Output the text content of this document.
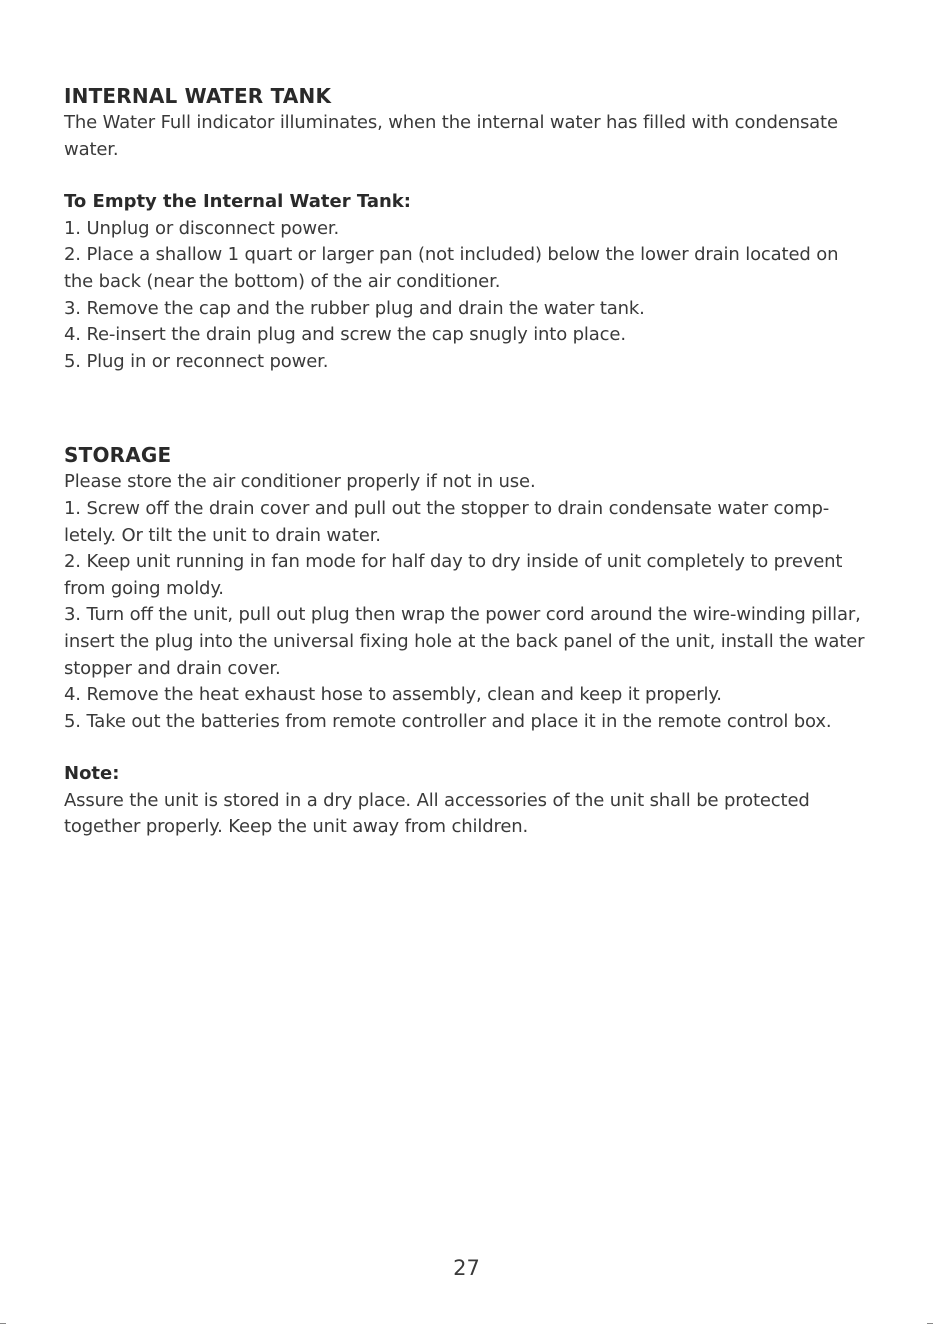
INTERNAL WATER TANK

The Water Full indicator illuminates, when the internal water has filled with condensate water.

To Empty the Internal Water Tank:

1. Unplug or disconnect power.
2. Place a shallow 1 quart or larger pan (not included) below the lower drain located on the back (near the bottom) of the air conditioner.
3. Remove the cap and the rubber plug and drain the water tank.
4. Re-insert the drain plug and screw the cap snugly into place.
5. Plug in or reconnect power.
STORAGE

Please store the air conditioner properly if not in use.

1. Screw off the drain cover and pull out the stopper to drain condensate water comp-letely. Or tilt the unit to drain water.
2. Keep unit running in fan mode for half day to dry inside of unit completely to prevent from going moldy.
3. Turn off the unit, pull out plug then wrap the power cord around the wire-winding pillar, insert the plug into the universal fixing hole at the back panel of the unit, install the water stopper and drain cover.
4. Remove the heat exhaust hose to assembly, clean and keep it properly.
5. Take out the batteries from remote controller and place it in the remote control box.

Note:

Assure the unit is stored in a dry place. All accessories of the unit shall be protected together properly. Keep the unit away from children.

27
